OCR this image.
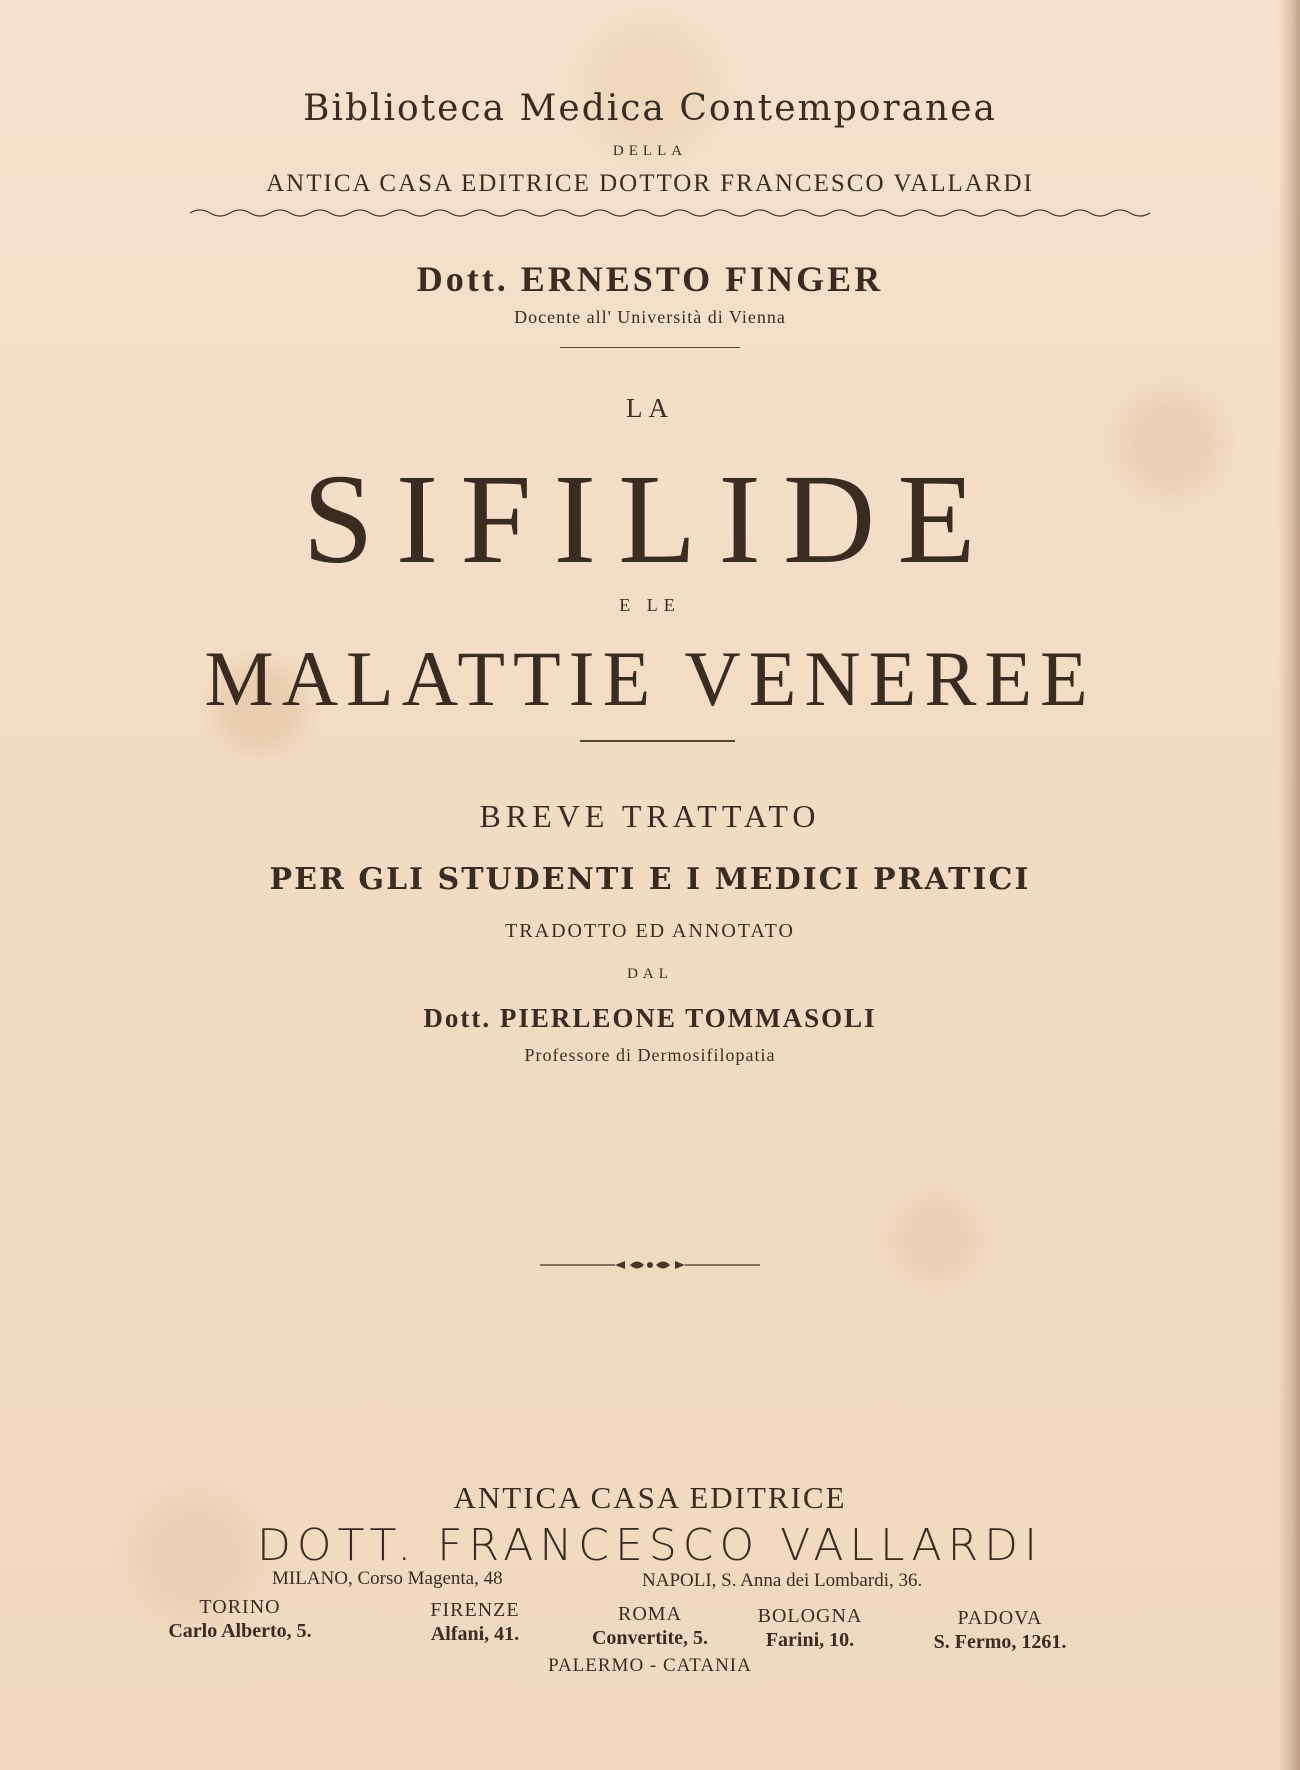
Biblioteca Medica Contemporanea
DELLA
ANTICA CASA EDITRICE DOTTOR FRANCESCO VALLARDI
Dott. ERNESTO FINGER
Docente all' Università di Vienna
LA
SIFILIDE
E LE
MALATTIE VENEREE
BREVE TRATTATO
PER GLI STUDENTI E I MEDICI PRATICI
TRADOTTO ED ANNOTATO
DAL
Dott. PIERLEONE TOMMASOLI
Professore di Dermosifilopatia
ANTICA CASA EDITRICE
DOTT. FRANCESCO VALLARDI
MILANO, Corso Magenta, 48	NAPOLI, S. Anna dei Lombardi, 36.
TORINO
Carlo Alberto, 5.
FIRENZE
Alfani, 41.
ROMA
Convertite, 5.
BOLOGNA
Farini, 10.
PADOVA
S. Fermo, 1261.
PALERMO - CATANIA
